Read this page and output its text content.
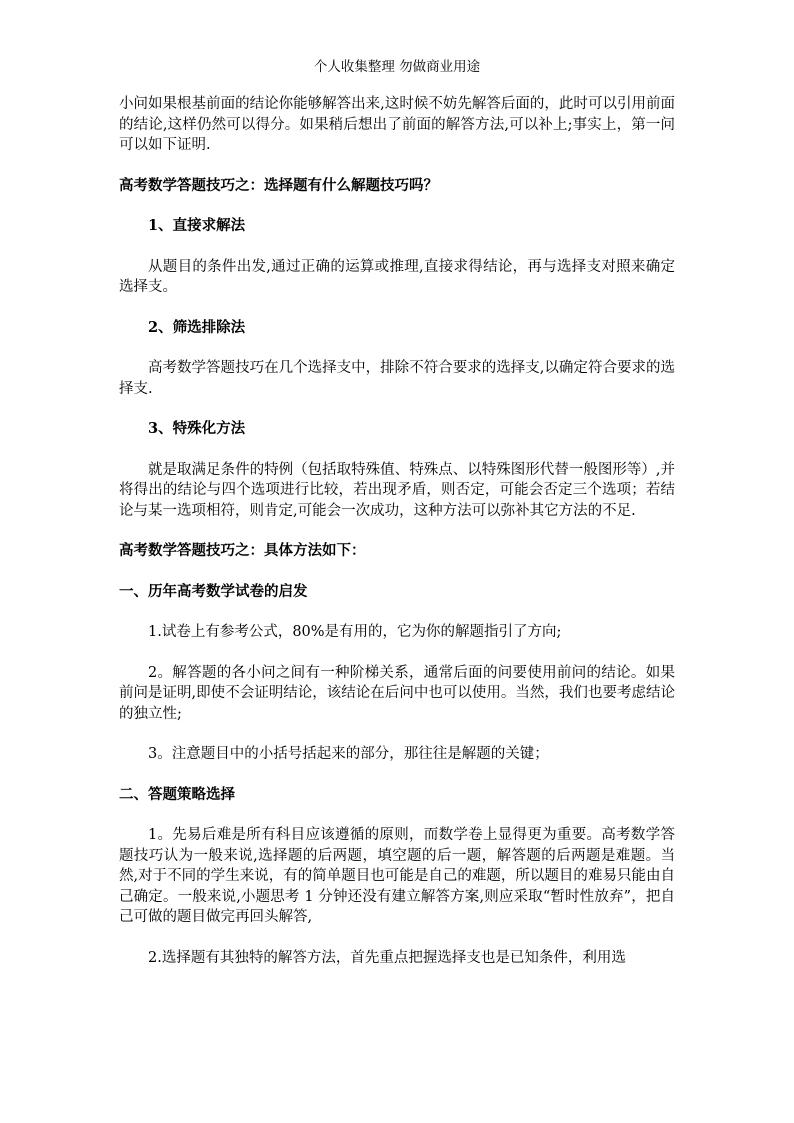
个人收集整理 勿做商业用途

小问如果根基前面的结论你能够解答出来,这时候不妨先解答后面的，此时可以引用前面的结论,这样仍然可以得分。如果稍后想出了前面的解答方法,可以补上;事实上，第一问可以如下证明.

高考数学答题技巧之：选择题有什么解题技巧吗？

1、直接求解法

从题目的条件出发,通过正确的运算或推理,直接求得结论，再与选择支对照来确定选择支。

2、筛选排除法

高考数学答题技巧在几个选择支中，排除不符合要求的选择支,以确定符合要求的选择支.

3、特殊化方法

就是取满足条件的特例（包括取特殊值、特殊点、以特殊图形代替一般图形等）,并将得出的结论与四个选项进行比较，若出现矛盾，则否定，可能会否定三个选项；若结论与某一选项相符，则肯定,可能会一次成功，这种方法可以弥补其它方法的不足.

高考数学答题技巧之：具体方法如下：

一、历年高考数学试卷的启发

1.试卷上有参考公式，80%是有用的，它为你的解题指引了方向;

2。解答题的各小问之间有一种阶梯关系，通常后面的问要使用前问的结论。如果前问是证明,即使不会证明结论，该结论在后问中也可以使用。当然，我们也要考虑结论的独立性;

3。注意题目中的小括号括起来的部分，那往往是解题的关键；

二、答题策略选择

1。先易后难是所有科目应该遵循的原则，而数学卷上显得更为重要。高考数学答题技巧认为一般来说,选择题的后两题，填空题的后一题，解答题的后两题是难题。当然,对于不同的学生来说，有的简单题目也可能是自己的难题，所以题目的难易只能由自己确定。一般来说,小题思考 1 分钟还没有建立解答方案,则应采取“暂时性放弃”，把自己可做的题目做完再回头解答,

2.选择题有其独特的解答方法，首先重点把握选择支也是已知条件，利用选
